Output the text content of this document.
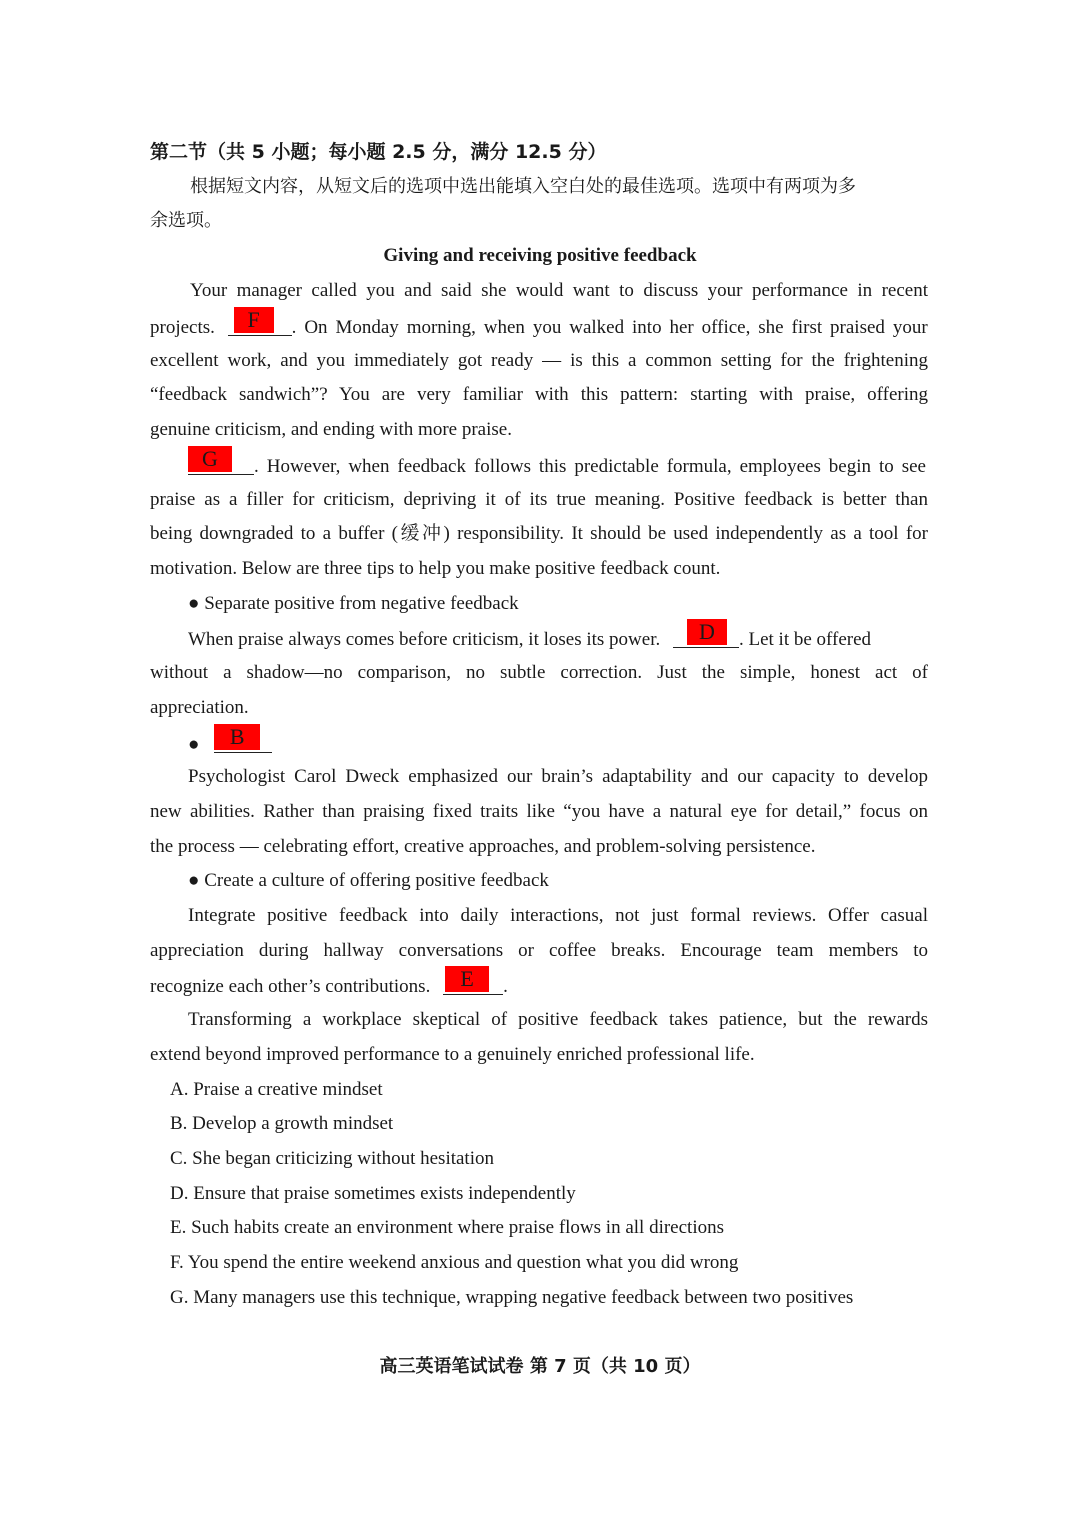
第二节（共 5 小题；每小题 2.5 分，满分 12.5 分）
根据短文内容，从短文后的选项中选出能填入空白处的最佳选项。选项中有两项为多
余选项。
Giving and receiving positive feedback
Your manager called you and said she would want to discuss your performance in recent
projects.	F	. On Monday morning, when you walked into her office, she first praised your
excellent work, and you immediately got ready — is this a common setting for the frightening
“feedback sandwich”? You are very familiar with this pattern: starting with praise, offering
genuine criticism, and ending with more praise.
G	. However, when feedback follows this predictable formula, employees begin to see
praise as a filler for criticism, depriving it of its true meaning. Positive feedback is better than
being downgraded to a buffer (缓冲) responsibility. It should be used independently as a tool for
motivation. Below are three tips to help you make positive feedback count.
● Separate positive from negative feedback
When praise always comes before criticism, it loses its power.	D	. Let it be offered
without a shadow—no comparison, no subtle correction. Just the simple, honest act of
appreciation.
●	B
Psychologist Carol Dweck emphasized our brain’s adaptability and our capacity to develop
new abilities. Rather than praising fixed traits like “you have a natural eye for detail,” focus on
the process — celebrating effort, creative approaches, and problem-solving persistence.
● Create a culture of offering positive feedback
Integrate positive feedback into daily interactions, not just formal reviews. Offer casual
appreciation during hallway conversations or coffee breaks. Encourage team members to
recognize each other’s contributions.	E	.
Transforming a workplace skeptical of positive feedback takes patience, but the rewards
extend beyond improved performance to a genuinely enriched professional life.
A. Praise a creative mindset
B. Develop a growth mindset
C. She began criticizing without hesitation
D. Ensure that praise sometimes exists independently
E. Such habits create an environment where praise flows in all directions
F. You spend the entire weekend anxious and question what you did wrong
G. Many managers use this technique, wrapping negative feedback between two positives
高三英语笔试试卷 第 7 页（共 10 页）
